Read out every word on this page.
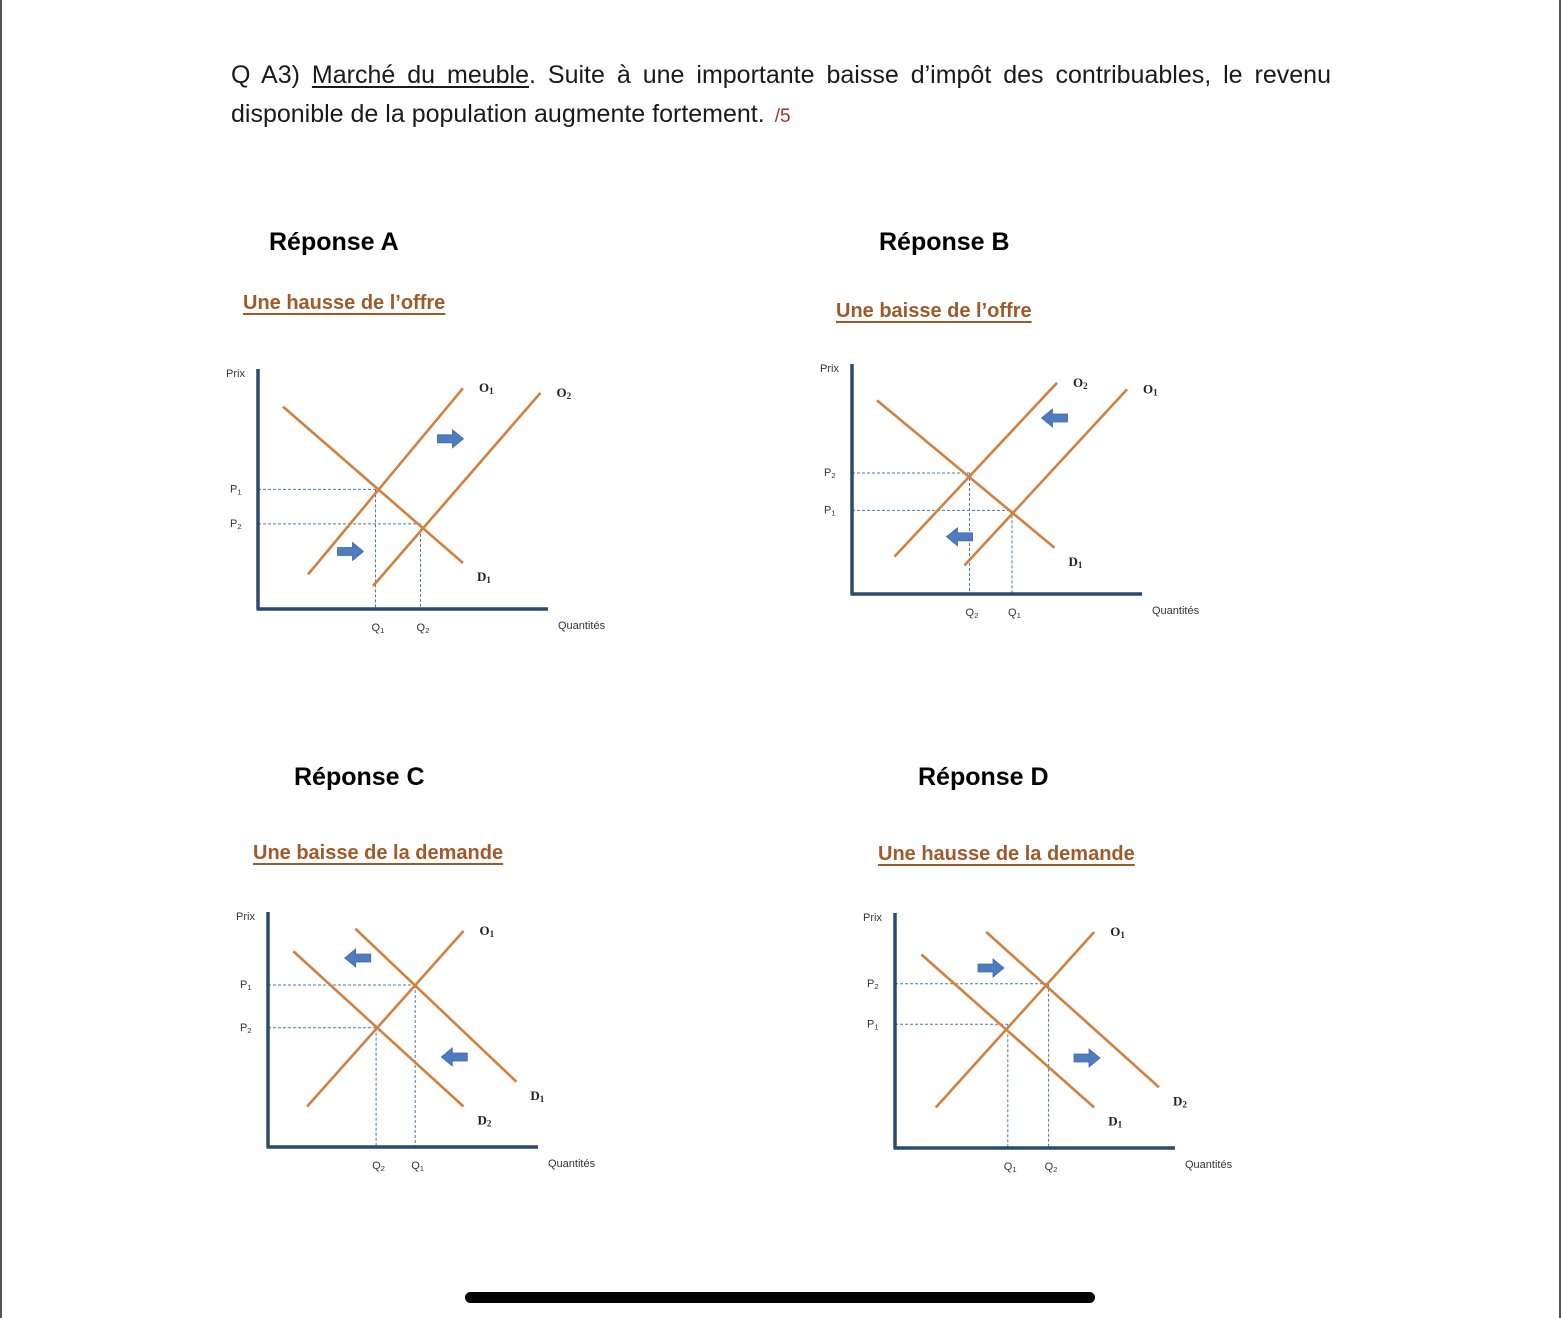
Q A3) Marché du meuble. Suite à une importante baisse d’impôt des contribuables, le revenu disponible de la population augmente fortement. /5
Réponse A
Une hausse de l’offre
P1
Q1
P2
Q2
O1	O2
D1
Prix
Quantités
Réponse B
Une baisse de l’offre
P2
Q2
P1
Q1
O2	O1
D1
Prix
Quantités
Réponse C
Une baisse de la demande
P1
Q1
P2
Q2
O1
D1
D2
Prix
Quantités
Réponse D
Une hausse de la demande
P1
Q1
P2
Q2
O1
D2
D1
Prix
Quantités
